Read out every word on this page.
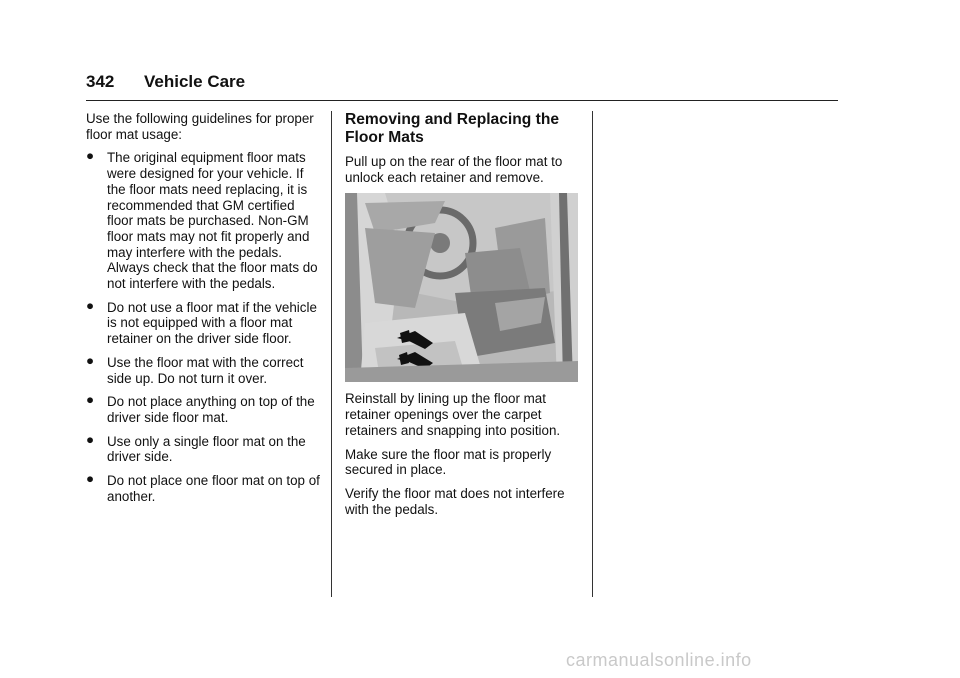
342 Vehicle Care

Use the following guidelines for proper floor mat usage:

● The original equipment floor mats were designed for your vehicle. If the floor mats need replacing, it is recommended that GM certified floor mats be purchased. Non-GM floor mats may not fit properly and may interfere with the pedals. Always check that the floor mats do not interfere with the pedals.
● Do not use a floor mat if the vehicle is not equipped with a floor mat retainer on the driver side floor.
● Use the floor mat with the correct side up. Do not turn it over.
● Do not place anything on top of the driver side floor mat.
● Use only a single floor mat on the driver side.
● Do not place one floor mat on top of another.
Removing and Replacing the Floor Mats

Pull up on the rear of the floor mat to unlock each retainer and remove.

Reinstall by lining up the floor mat retainer openings over the carpet retainers and snapping into position.

Make sure the floor mat is properly secured in place.

Verify the floor mat does not interfere with the pedals.

carmanualsonline.info
